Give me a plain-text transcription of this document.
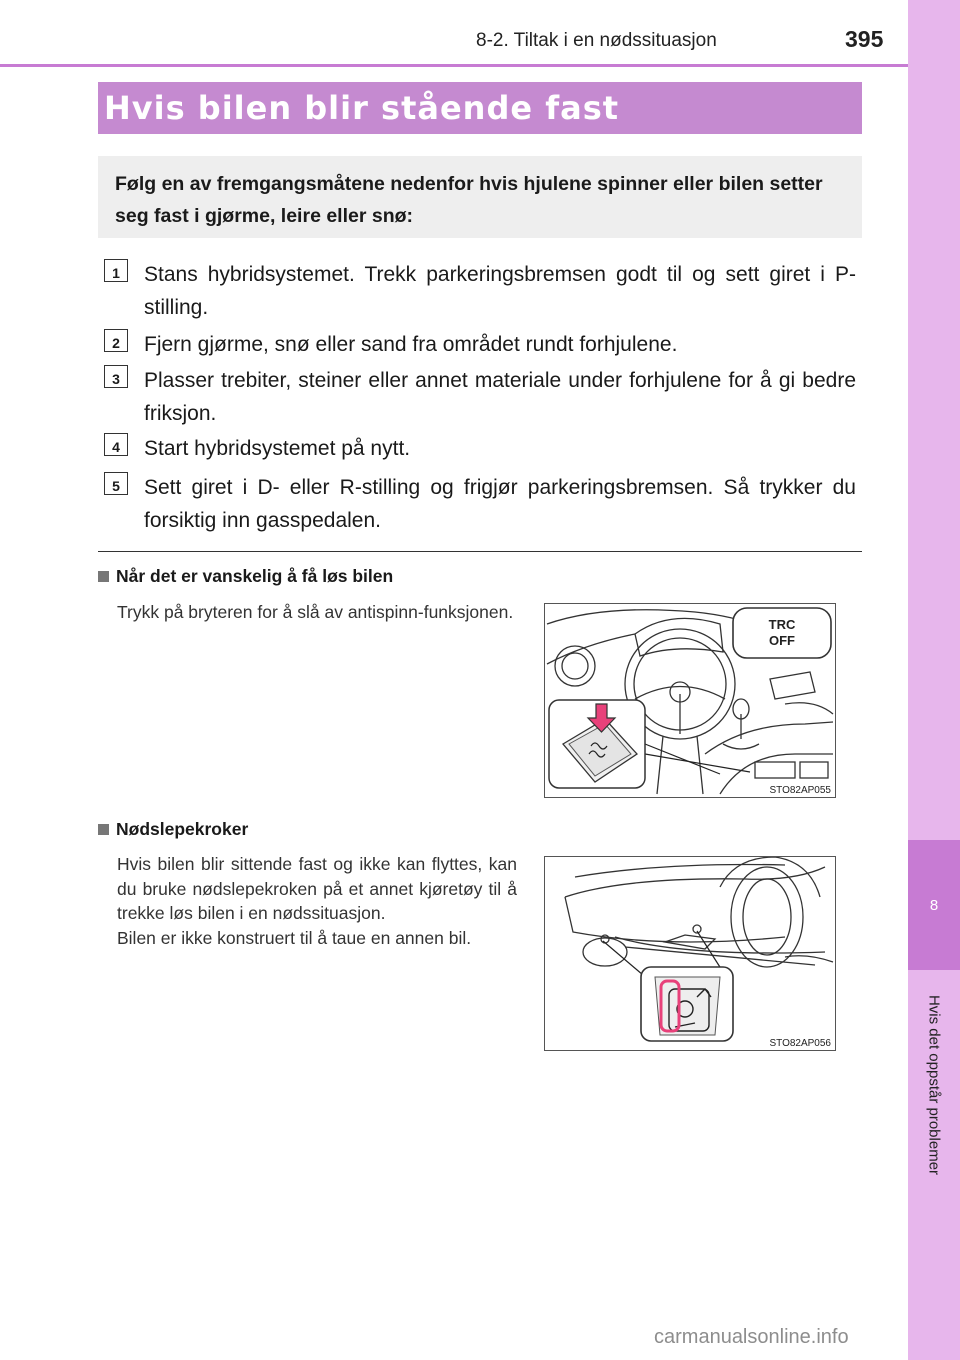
8
Hvis det oppstår problemer
8-2. Tiltak i en nødssituasjon	395
Hvis bilen blir stående fast
Følg en av fremgangsmåtene nedenfor hvis hjulene spinner eller bilen setter seg fast i gjørme, leire eller snø:
1	Stans hybridsystemet. Trekk parkeringsbremsen godt til og sett giret i P-stilling.
2	Fjern gjørme, snø eller sand fra området rundt forhjulene.
3	Plasser trebiter, steiner eller annet materiale under forhjulene for å gi bedre friksjon.
4	Start hybridsystemet på nytt.
5	Sett giret i D- eller R-stilling og frigjør parkeringsbremsen. Så trykker du forsiktig inn gasspedalen.
Når det er vanskelig å få løs bilen
Trykk på bryteren for å slå av antispinn-funksjonen.
TRC
OFF
STO82AP055
Nødslepekroker
Hvis bilen blir sittende fast og ikke kan flyttes, kan du bruke nødslepekroken på et annet kjøretøy til å trekke løs bilen i en nødssituasjon.
Bilen er ikke konstruert til å taue en annen bil.
STO82AP056
carmanualsonline.info
